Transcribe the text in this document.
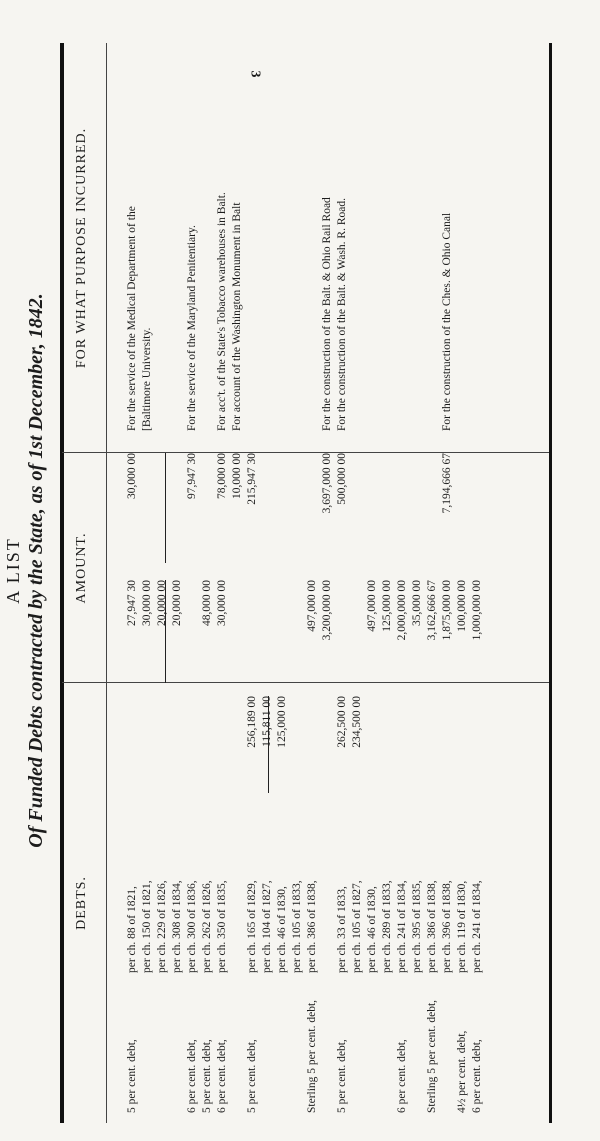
3
A LIST Of Funded Debts contracted by the State, as of 1st December, 1842.
DEBTS.
AMOUNT.
FOR WHAT PURPOSE INCURRED.
5 per cent. debt,
per ch. 88 of 1821,
27,947 30
30,000 00
For the service of the Medical Department of the
per ch. 150 of 1821,
30,000 00
[Baltimore University.
per ch. 229 of 1826,
20,000 00
per ch. 308 of 1834,
20,000 00
6 per cent. debt,
per ch. 300 of 1836,
97,947 30
For the service of the Maryland Penitentiary.
5 per cent. debt,
per ch. 262 of 1826,
48,000 00
6 per cent. debt,
per ch. 350 of 1835,
30,000 00
78,000 00
For acc't. of the State's Tobacco warehouses in Balt.
10,000 00
For account of the Washington Monument in Balt
5 per cent. debt,
per ch. 165 of 1829,
256,189 00
215,947 30
per ch. 104 of 1827,
115,811 00
per ch. 46 of 1830,
125,000 00
per ch. 105 of 1833,
Sterling 5 per cent. debt,
per ch. 386 of 1838,
497,000 00 3,200,000 00
3,697,000 00
For the construction of the Balt. & Ohio Rail Road
5 per cent. debt,
per ch. 33 of 1833,
262,500 00
500,000 00
For the construction of the Balt. & Wash. R. Road.
per ch. 105 of 1827,
234,500 00
per ch. 46 of 1830,
497,000 00
per ch. 289 of 1833,
125,000 00
6 per cent. debt,
per ch. 241 of 1834,
2,000,000 00
per ch. 395 of 1835,
35,000 00
Sterling 5 per cent. debt,
per ch. 386 of 1838,
3,162,666 67
per ch. 396 of 1838,
1,875,000 00
7,194,666 67
For the construction of the Ches. & Ohio Canal
4½ per cent. debt,
per ch. 119 of 1830,
100,000 00
6 per cent. debt,
per ch. 241 of 1834,
1,000,000 00
